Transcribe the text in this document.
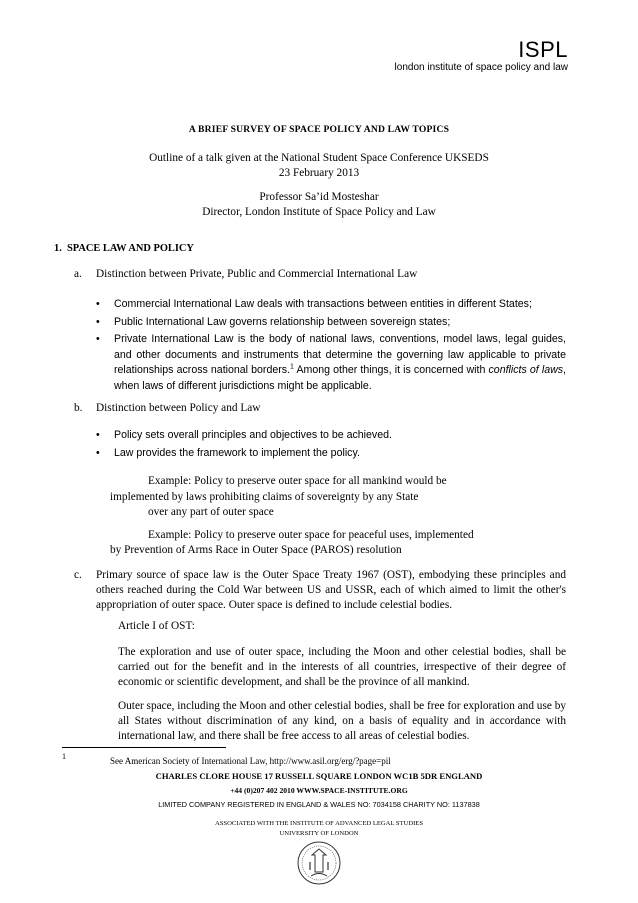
ISPL
london institute of space policy and law
A BRIEF SURVEY OF SPACE POLICY AND LAW TOPICS
Outline of a talk given at the National Student Space Conference UKSEDS
23 February 2013
Professor Sa’id Mosteshar
Director, London Institute of Space Policy and Law
1. SPACE LAW AND POLICY
a. Distinction between Private, Public and Commercial International Law
• Commercial International Law deals with transactions between entities in different States;
• Public International Law governs relationship between sovereign states;
• Private International Law is the body of national laws, conventions, model laws, legal guides, and other documents and instruments that determine the governing law applicable to private relationships across national borders.$^1$ Among other things, it is concerned with conflicts of laws, when laws of different jurisdictions might be applicable.
b. Distinction between Policy and Law
• Policy sets overall principles and objectives to be achieved.
• Law provides the framework to implement the policy.
Example: Policy to preserve outer space for all mankind would be
implemented by laws prohibiting claims of sovereignty by any State
over any part of outer space
Example: Policy to preserve outer space for peaceful uses, implemented
by Prevention of Arms Race in Outer Space (PAROS) resolution
c. Primary source of space law is the Outer Space Treaty 1967 (OST), embodying these principles and others reached during the Cold War between US and USSR, each of which aimed to limit the other's appropriation of outer space. Outer space is defined to include celestial bodies.
Article I of OST:
The exploration and use of outer space, including the Moon and other celestial bodies, shall be carried out for the benefit and in the interests of all countries, irrespective of their degree of economic or scientific development, and shall be the province of all mankind.
Outer space, including the Moon and other celestial bodies, shall be free for exploration and use by all States without discrimination of any kind, on a basis of equality and in accordance with international law, and there shall be free access to all areas of celestial bodies.
1	See American Society of International Law, http://www.asil.org/erg/?page=pil
CHARLES CLORE HOUSE 17 RUSSELL SQUARE LONDON WC1B 5DR ENGLAND
+44 (0)207 402 2010 WWW.SPACE-INSTITUTE.ORG
LIMITED COMPANY REGISTERED IN ENGLAND & WALES NO: 7034158 CHARITY NO: 1137838
ASSOCIATED WITH THE INSTITUTE OF ADVANCED LEGAL STUDIES
UNIVERSITY OF LONDON
